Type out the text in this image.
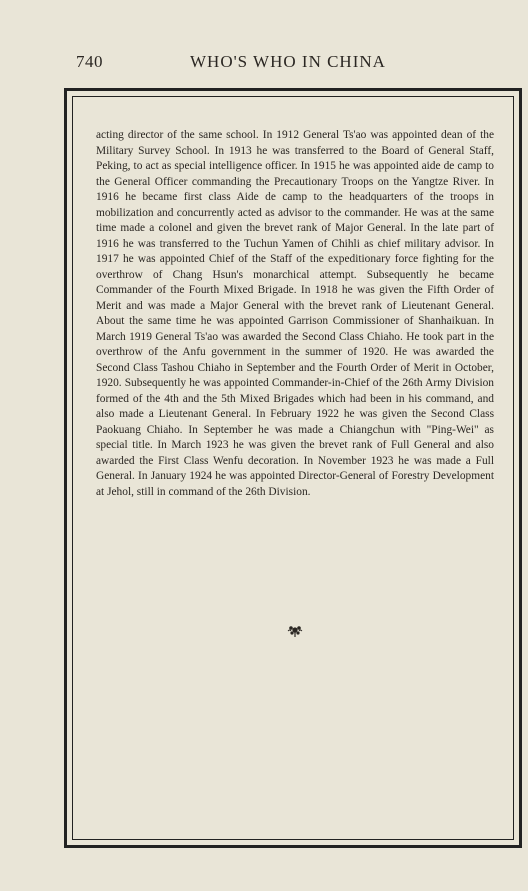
740	WHO'S WHO IN CHINA

acting director of the same school. In 1912 General Ts'ao was appointed dean of the Military Survey School. In 1913 he was transferred to the Board of General Staff, Peking, to act as special intelligence officer. In 1915 he was appointed aide de camp to the General Officer commanding the Precautionary Troops on the Yangtze River. In 1916 he became first class Aide de camp to the headquarters of the troops in mobilization and concurrently acted as advisor to the commander. He was at the same time made a colonel and given the brevet rank of Major General. In the late part of 1916 he was transferred to the Tuchun Yamen of Chihli as chief military advisor. In 1917 he was appointed Chief of the Staff of the expeditionary force fighting for the overthrow of Chang Hsun's monarchical attempt. Subsequently he became Commander of the Fourth Mixed Brigade. In 1918 he was given the Fifth Order of Merit and was made a Major General with the brevet rank of Lieutenant General. About the same time he was appointed Garrison Commissioner of Shanhaikuan. In March 1919 General Ts'ao was awarded the Second Class Chiaho. He took part in the overthrow of the Anfu government in the summer of 1920. He was awarded the Second Class Tashou Chiaho in September and the Fourth Order of Merit in October, 1920. Subsequently he was appointed Commander-in-Chief of the 26th Army Division formed of the 4th and the 5th Mixed Brigades which had been in his command, and also made a Lieutenant General. In February 1922 he was given the Second Class Paokuang Chiaho. In September he was made a Chiangchun with "Ping-Wei" as special title. In March 1923 he was given the brevet rank of Full General and also awarded the First Class Wenfu decoration. In November 1923 he was made a Full General. In January 1924 he was appointed Director-General of Forestry Development at Jehol, still in command of the 26th Division.
